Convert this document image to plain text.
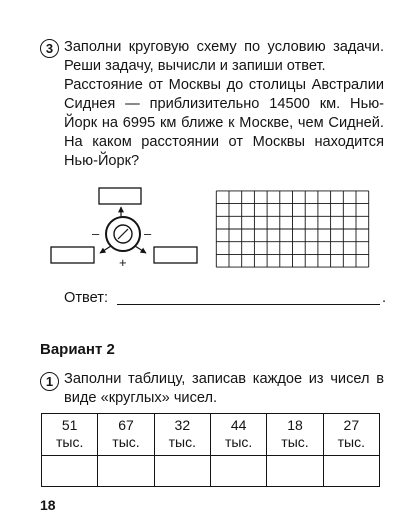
3 Заполни круговую схему по условию задачи. Реши задачу, вычисли и запиши ответ.
Расстояние от Москвы до столицы Австралии Сиднея — приблизительно 14500 км. Нью-Йорк на 6995 км ближе к Москве, чем Сидней. На каком расстоянии от Москвы находится Нью-Йорк?
–	–
+
Ответ:	.
Вариант 2
1 Заполни таблицу, записав каждое из чисел в виде «круглых» чисел.
51
тыс.	67
тыс.	32
тыс.	44
тыс.	18
тыс.	27
тыс.

18
